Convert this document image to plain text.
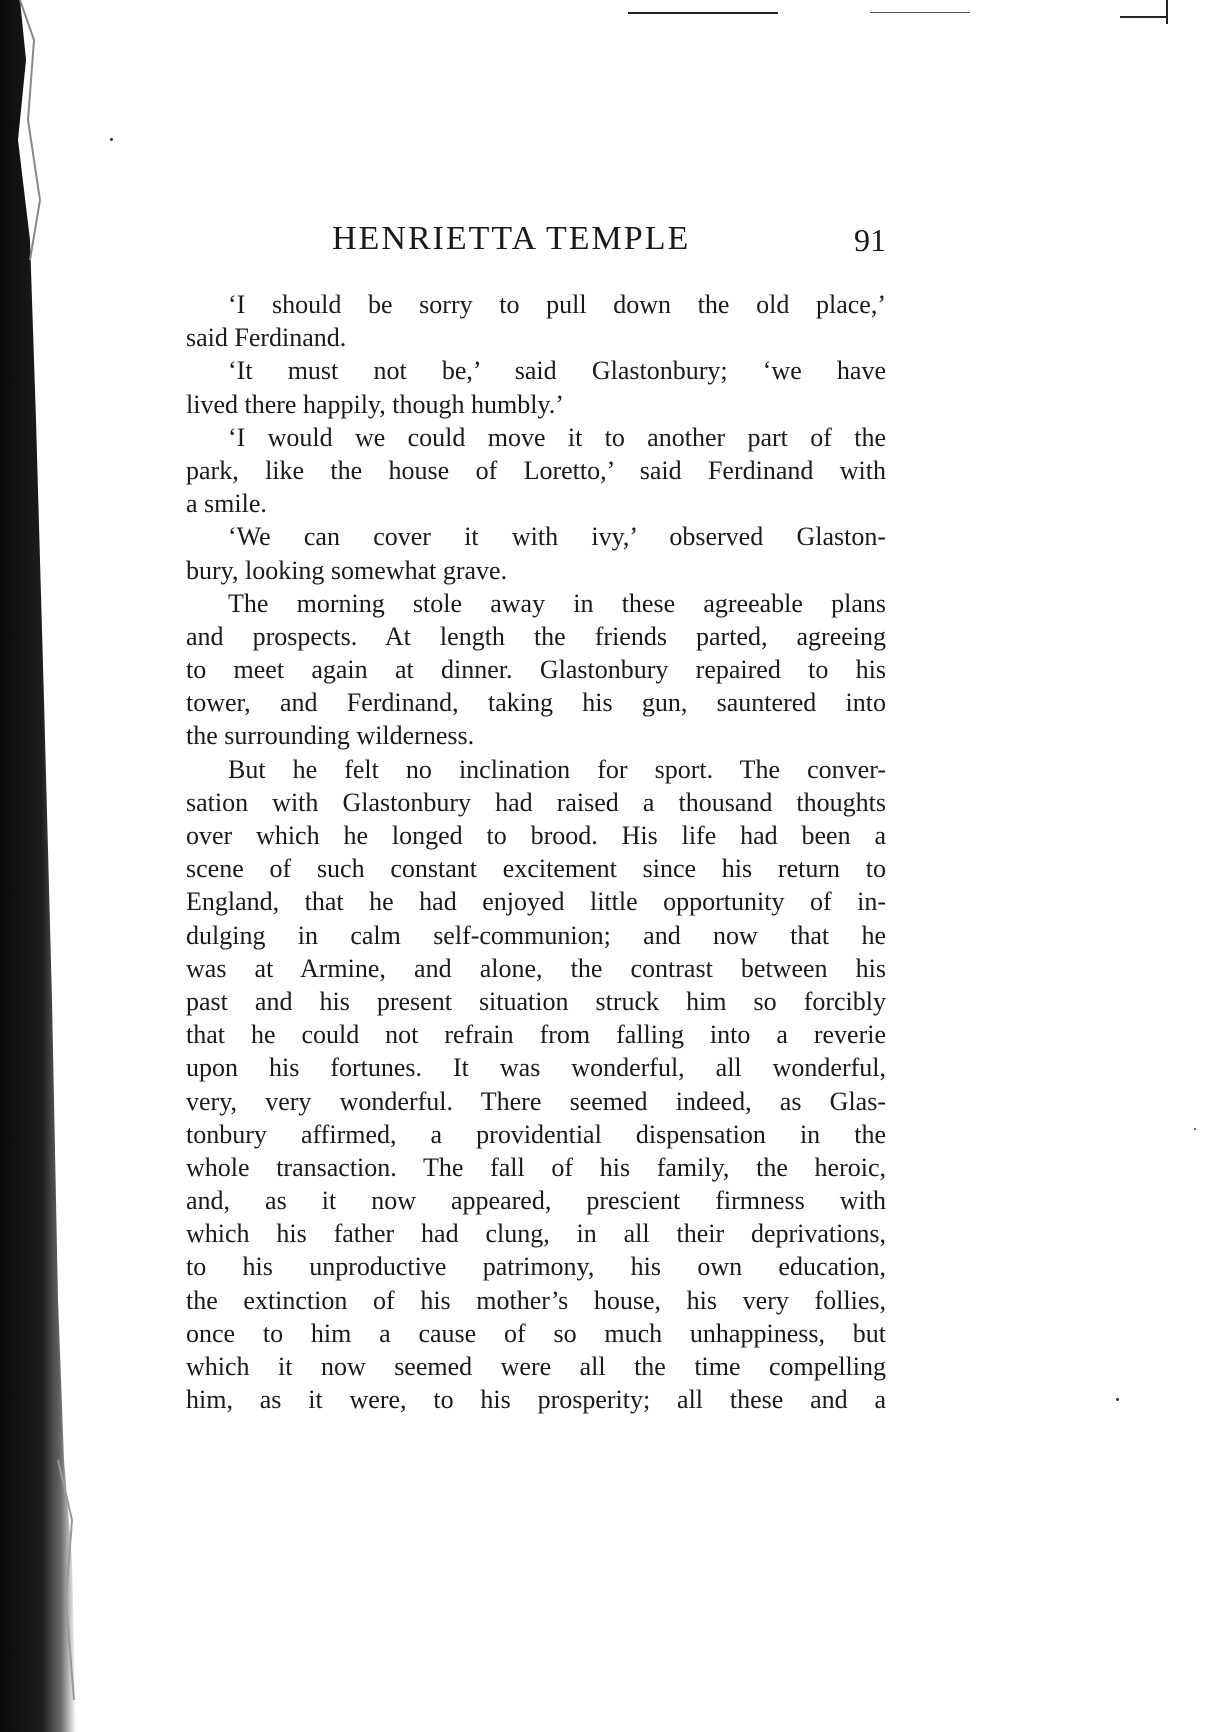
HENRIETTA TEMPLE	91
‘I should be sorry to pull down the old place,’
said Ferdinand.
‘It must not be,’ said Glastonbury; ‘we have
lived there happily, though humbly.’
‘I would we could move it to another part of the
park, like the house of Loretto,’ said Ferdinand with
a smile.
‘We can cover it with ivy,’ observed Glaston-
bury, looking somewhat grave.
The morning stole away in these agreeable plans
and prospects. At length the friends parted, agreeing
to meet again at dinner. Glastonbury repaired to his
tower, and Ferdinand, taking his gun, sauntered into
the surrounding wilderness.
But he felt no inclination for sport. The conver-
sation with Glastonbury had raised a thousand thoughts
over which he longed to brood. His life had been a
scene of such constant excitement since his return to
England, that he had enjoyed little opportunity of in-
dulging in calm self-communion; and now that he
was at Armine, and alone, the contrast between his
past and his present situation struck him so forcibly
that he could not refrain from falling into a reverie
upon his fortunes. It was wonderful, all wonderful,
very, very wonderful. There seemed indeed, as Glas-
tonbury affirmed, a providential dispensation in the
whole transaction. The fall of his family, the heroic,
and, as it now appeared, prescient firmness with
which his father had clung, in all their deprivations,
to his unproductive patrimony, his own education,
the extinction of his mother’s house, his very follies,
once to him a cause of so much unhappiness, but
which it now seemed were all the time compelling
him, as it were, to his prosperity; all these and a
